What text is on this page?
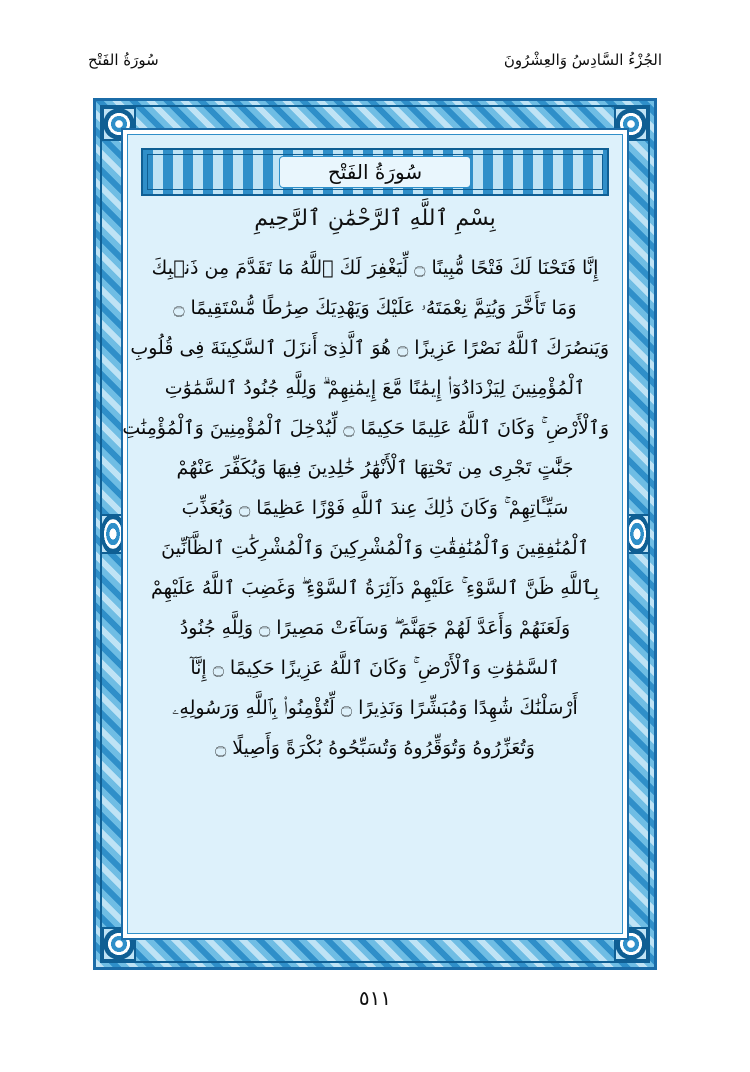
الجُزْءُ السَّادِسُ وَالعِشْرُونَ
سُورَةُ الفَتْح
سُورَةُ الفَتْح
بِسْمِ ٱللَّهِ ٱلرَّحْمَٰنِ ٱلرَّحِيمِ
إِنَّا فَتَحْنَا لَكَ فَتْحًا مُّبِينًا ۝ لِّيَغْفِرَ لَكَ ٱللَّهُ مَا تَقَدَّمَ مِن ذَنۢبِكَ
وَمَا تَأَخَّرَ وَيُتِمَّ نِعْمَتَهُۥ عَلَيْكَ وَيَهْدِيَكَ صِرَٰطًا مُّسْتَقِيمًا ۝
وَيَنصُرَكَ ٱللَّهُ نَصْرًا عَزِيزًا ۝ هُوَ ٱلَّذِىٓ أَنزَلَ ٱلسَّكِينَةَ فِى قُلُوبِ
ٱلْمُؤْمِنِينَ لِيَزْدَادُوٓا۟ إِيمَٰنًا مَّعَ إِيمَٰنِهِمْ ۗ وَلِلَّهِ جُنُودُ ٱلسَّمَٰوَٰتِ
وَٱلْأَرْضِ ۚ وَكَانَ ٱللَّهُ عَلِيمًا حَكِيمًا ۝ لِّيُدْخِلَ ٱلْمُؤْمِنِينَ وَٱلْمُؤْمِنَٰتِ
جَنَّٰتٍ تَجْرِى مِن تَحْتِهَا ٱلْأَنْهَٰرُ خَٰلِدِينَ فِيهَا وَيُكَفِّرَ عَنْهُمْ
سَيِّـَٔاتِهِمْ ۚ وَكَانَ ذَٰلِكَ عِندَ ٱللَّهِ فَوْزًا عَظِيمًا ۝ وَيُعَذِّبَ
ٱلْمُنَٰفِقِينَ وَٱلْمُنَٰفِقَٰتِ وَٱلْمُشْرِكِينَ وَٱلْمُشْرِكَٰتِ ٱلظَّآنِّينَ
بِٱللَّهِ ظَنَّ ٱلسَّوْءِ ۚ عَلَيْهِمْ دَآئِرَةُ ٱلسَّوْءِ ۖ وَغَضِبَ ٱللَّهُ عَلَيْهِمْ
وَلَعَنَهُمْ وَأَعَدَّ لَهُمْ جَهَنَّمَ ۖ وَسَآءَتْ مَصِيرًا ۝ وَلِلَّهِ جُنُودُ
ٱلسَّمَٰوَٰتِ وَٱلْأَرْضِ ۚ وَكَانَ ٱللَّهُ عَزِيزًا حَكِيمًا ۝ إِنَّآ
أَرْسَلْنَٰكَ شَٰهِدًا وَمُبَشِّرًا وَنَذِيرًا ۝ لِّتُؤْمِنُوا۟ بِٱللَّهِ وَرَسُولِهِۦ
وَتُعَزِّرُوهُ وَتُوَقِّرُوهُ وَتُسَبِّحُوهُ بُكْرَةً وَأَصِيلًا ۝
٥١١
